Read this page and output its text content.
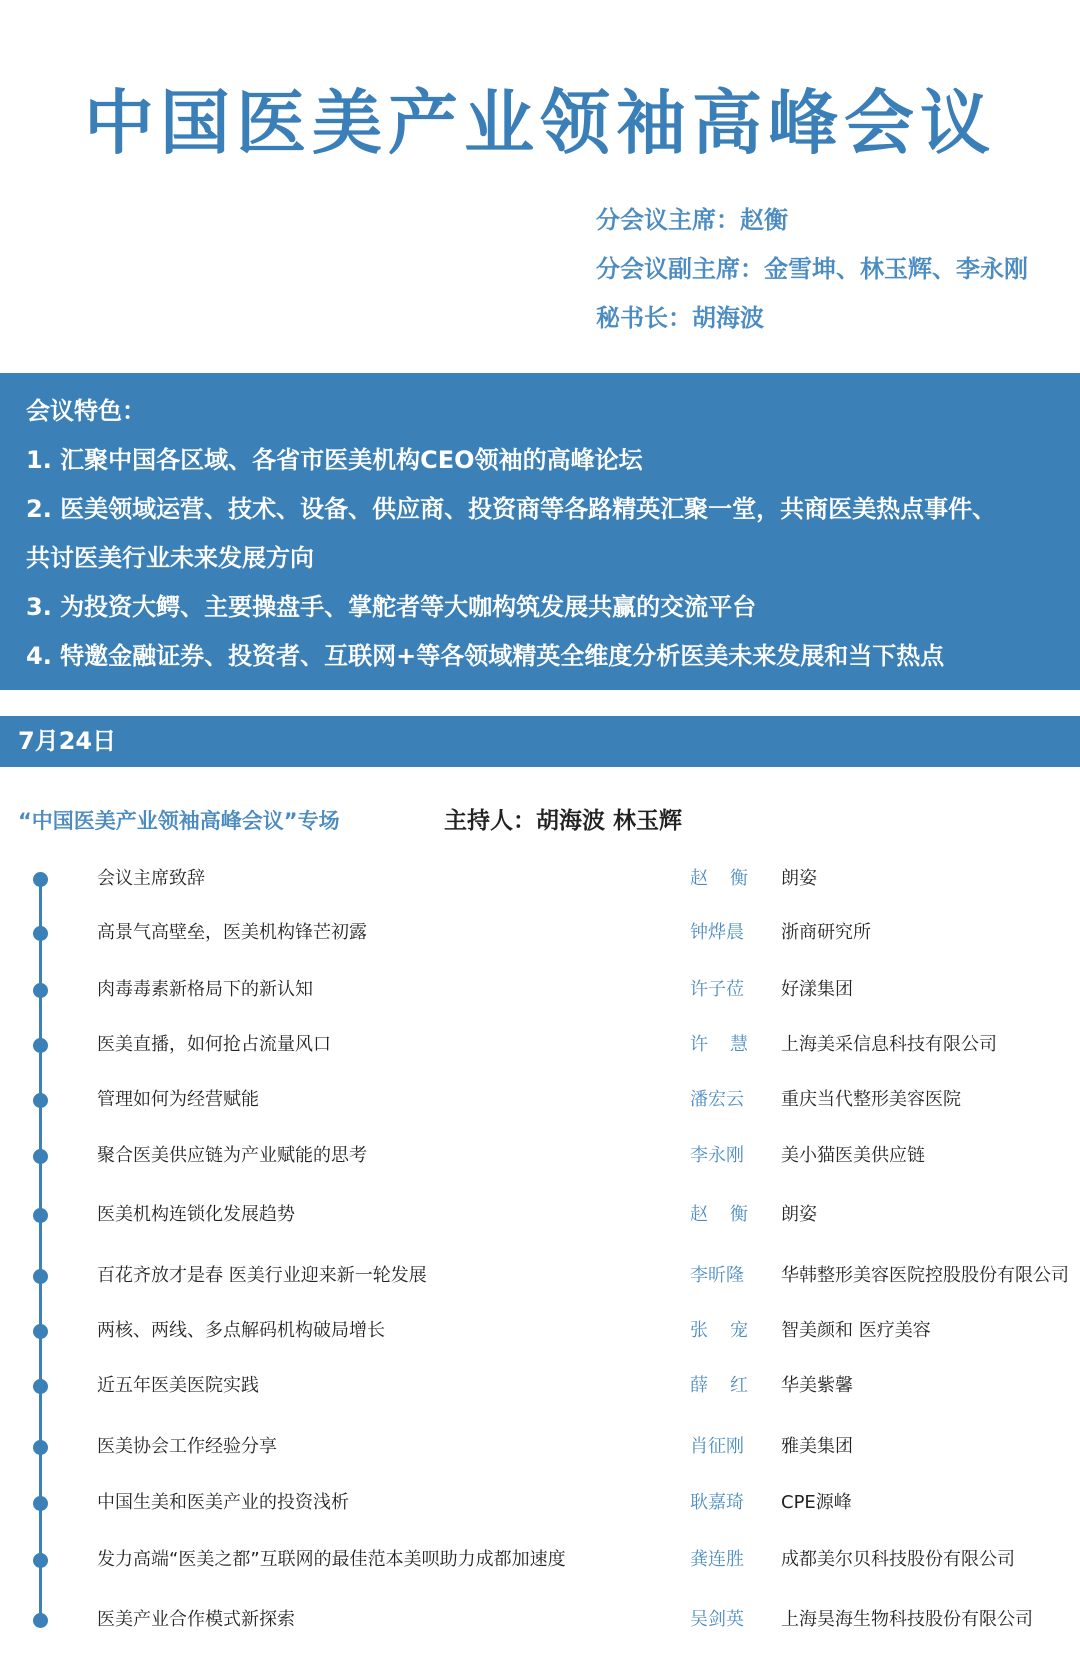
中国医美产业领袖高峰会议
分会议主席：赵衡
分会议副主席：金雪坤、林玉辉、李永刚
秘书长：胡海波
会议特色：
1. 汇聚中国各区域、各省市医美机构CEO领袖的高峰论坛
2. 医美领域运营、技术、设备、供应商、投资商等各路精英汇聚一堂，共商医美热点事件、
共讨医美行业未来发展方向
3. 为投资大鳄、主要操盘手、掌舵者等大咖构筑发展共赢的交流平台
4. 特邀金融证券、投资者、互联网+等各领域精英全维度分析医美未来发展和当下热点
7月24日
“中国医美产业领袖高峰会议”专场	主持人：胡海波 林玉辉
会议主席致辞	赵 衡 朗姿
高景气高壁垒，医美机构锋芒初露	钟烨晨 浙商研究所
肉毒毒素新格局下的新认知	许子莅 好漾集团
医美直播，如何抢占流量风口	许 慧 上海美采信息科技有限公司
管理如何为经营赋能	潘宏云 重庆当代整形美容医院
聚合医美供应链为产业赋能的思考	李永刚 美小猫医美供应链
医美机构连锁化发展趋势	赵 衡 朗姿
百花齐放才是春 医美行业迎来新一轮发展	李昕隆 华韩整形美容医院控股股份有限公司
两核、两线、多点解码机构破局增长	张 宠 智美颜和 医疗美容
近五年医美医院实践	薛 红 华美紫馨
医美协会工作经验分享	肖征刚 雅美集团
中国生美和医美产业的投资浅析	耿嘉琦 CPE源峰
发力高端“医美之都”互联网的最佳范本美呗助力成都加速度	龚连胜 成都美尔贝科技股份有限公司
医美产业合作模式新探索	吴剑英 上海昊海生物科技股份有限公司
